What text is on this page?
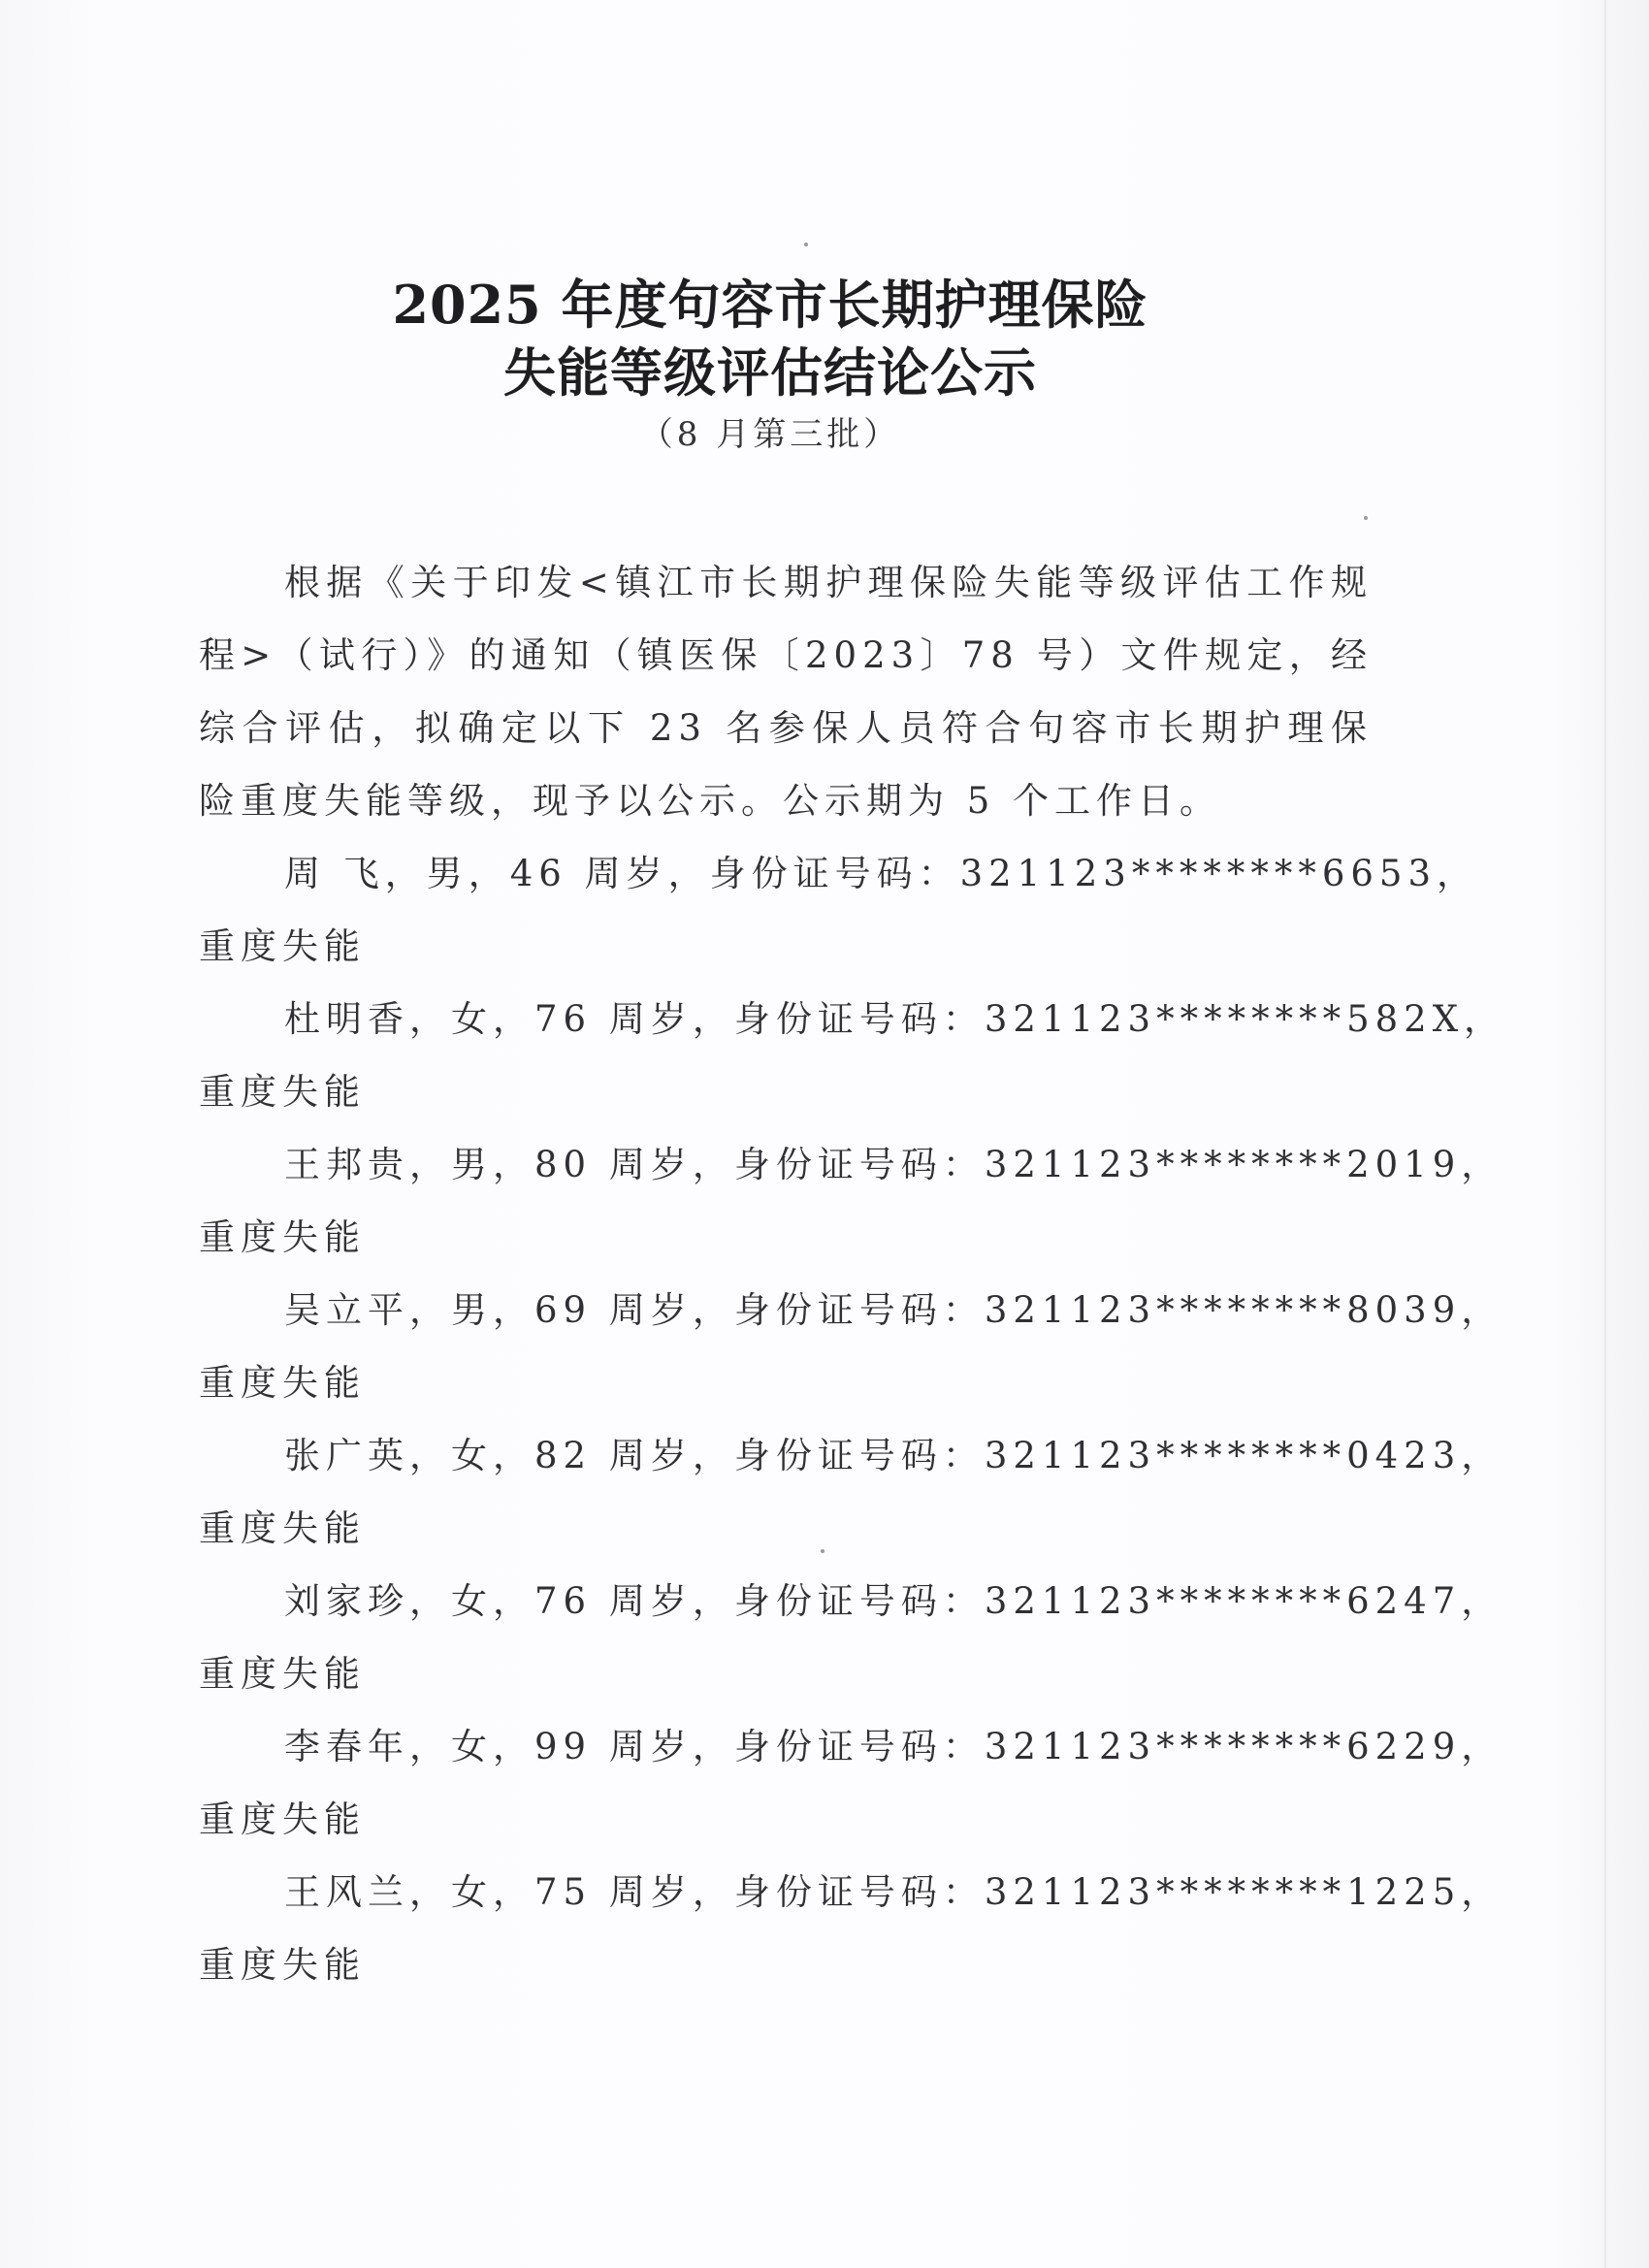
2025 年度句容市长期护理保险
失能等级评估结论公示
（8 月第三批）

根据《关于印发<镇江市长期护理保险失能等级评估工作规程>（试行）》的通知（镇医保〔2023〕78 号）文件规定，经综合评估，拟确定以下 23 名参保人员符合句容市长期护理保险重度失能等级，现予以公示。公示期为 5 个工作日。

周 飞，男，46 周岁，身份证号码：321123********6653，
重度失能

杜明香，女，76 周岁，身份证号码：321123********582X，
重度失能

王邦贵，男，80 周岁，身份证号码：321123********2019，
重度失能

吴立平，男，69 周岁，身份证号码：321123********8039，
重度失能

张广英，女，82 周岁，身份证号码：321123********0423，
重度失能

刘家珍，女，76 周岁，身份证号码：321123********6247，
重度失能

李春年，女，99 周岁，身份证号码：321123********6229，
重度失能

王风兰，女，75 周岁，身份证号码：321123********1225，
重度失能
